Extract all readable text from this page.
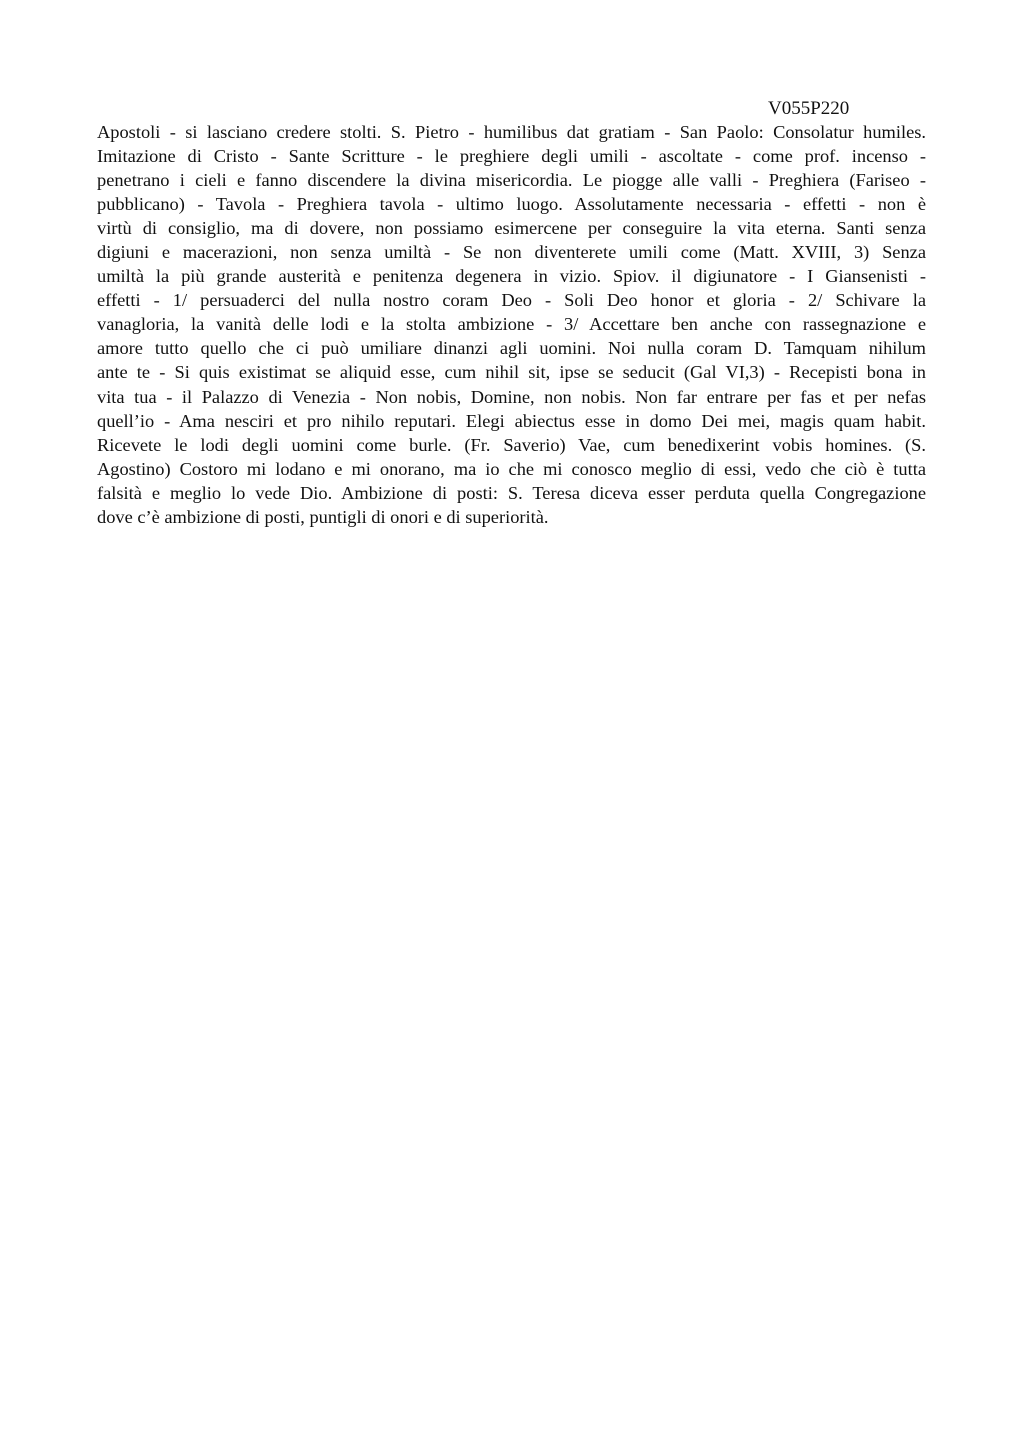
V055P220
Apostoli - si lasciano credere stolti. S. Pietro - humilibus dat gratiam - San Paolo: Consolatur humiles.
Imitazione di Cristo - Sante Scritture - le preghiere degli umili - ascoltate - come prof. incenso -
penetrano i cieli e fanno discendere la divina misericordia. Le piogge alle valli - Preghiera (Fariseo -
pubblicano) - Tavola - Preghiera tavola - ultimo luogo. Assolutamente necessaria - effetti - non è
virtù di consiglio, ma di dovere, non possiamo esimercene per conseguire la vita eterna. Santi senza
digiuni e macerazioni, non senza umiltà - Se non diventerete umili come (Matt. XVIII, 3) Senza
umiltà la più grande austerità e penitenza degenera in vizio. Spiov. il digiunatore - I Giansenisti -
effetti - 1/ persuaderci del nulla nostro coram Deo - Soli Deo honor et gloria - 2/ Schivare la
vanagloria, la vanità delle lodi e la stolta ambizione - 3/ Accettare ben anche con rassegnazione e
amore tutto quello che ci può umiliare dinanzi agli uomini. Noi nulla coram D. Tamquam nihilum
ante te - Si quis existimat se aliquid esse, cum nihil sit, ipse se seducit (Gal VI,3) - Recepisti bona in
vita tua - il Palazzo di Venezia - Non nobis, Domine, non nobis. Non far entrare per fas et per nefas
quell’io - Ama nesciri et pro nihilo reputari. Elegi abiectus esse in domo Dei mei, magis quam habit.
Ricevete le lodi degli uomini come burle. (Fr. Saverio) Vae, cum benedixerint vobis homines. (S.
Agostino) Costoro mi lodano e mi onorano, ma io che mi conosco meglio di essi, vedo che ciò è tutta
falsità e meglio lo vede Dio. Ambizione di posti: S. Teresa diceva esser perduta quella Congregazione
dove c’è ambizione di posti, puntigli di onori e di superiorità.
